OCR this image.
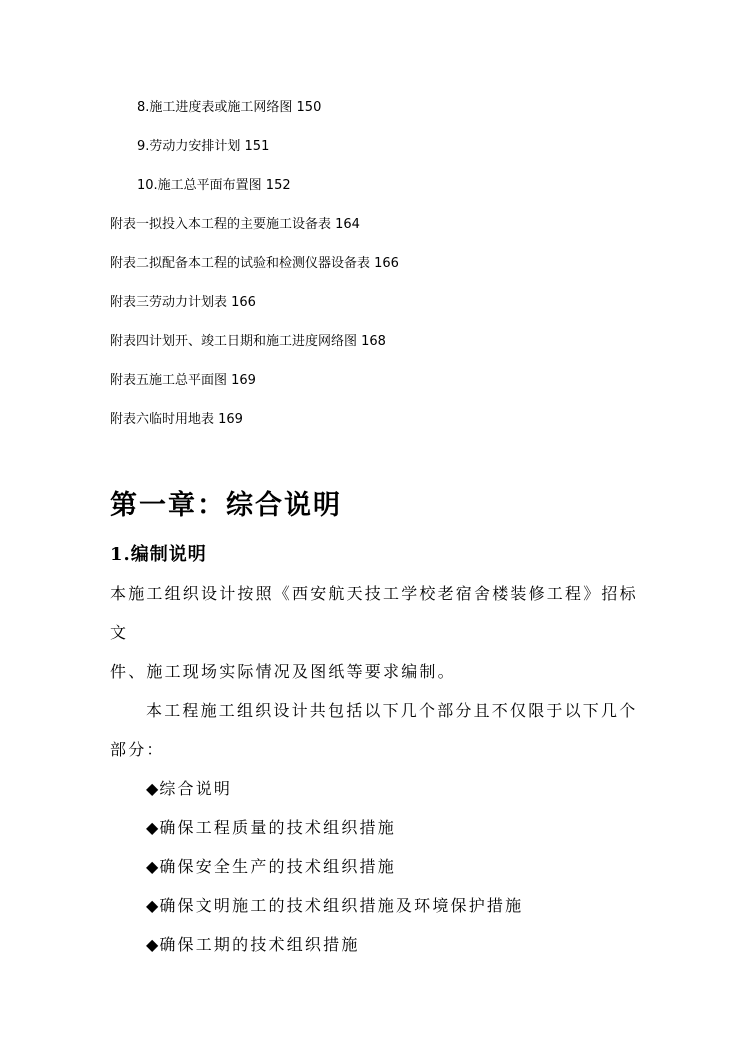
8.施工进度表或施工网络图 150
9.劳动力安排计划 151
10.施工总平面布置图 152
附表一拟投入本工程的主要施工设备表 164
附表二拟配备本工程的试验和检测仪器设备表 166
附表三劳动力计划表 166
附表四计划开、竣工日期和施工进度网络图 168
附表五施工总平面图 169
附表六临时用地表 169
第一章：综合说明
1.编制说明
本施工组织设计按照《西安航天技工学校老宿舍楼装修工程》招标
文
件、施工现场实际情况及图纸等要求编制。
本工程施工组织设计共包括以下几个部分且不仅限于以下几个
部分：
◆综合说明
◆确保工程质量的技术组织措施
◆确保安全生产的技术组织措施
◆确保文明施工的技术组织措施及环境保护措施
◆确保工期的技术组织措施
